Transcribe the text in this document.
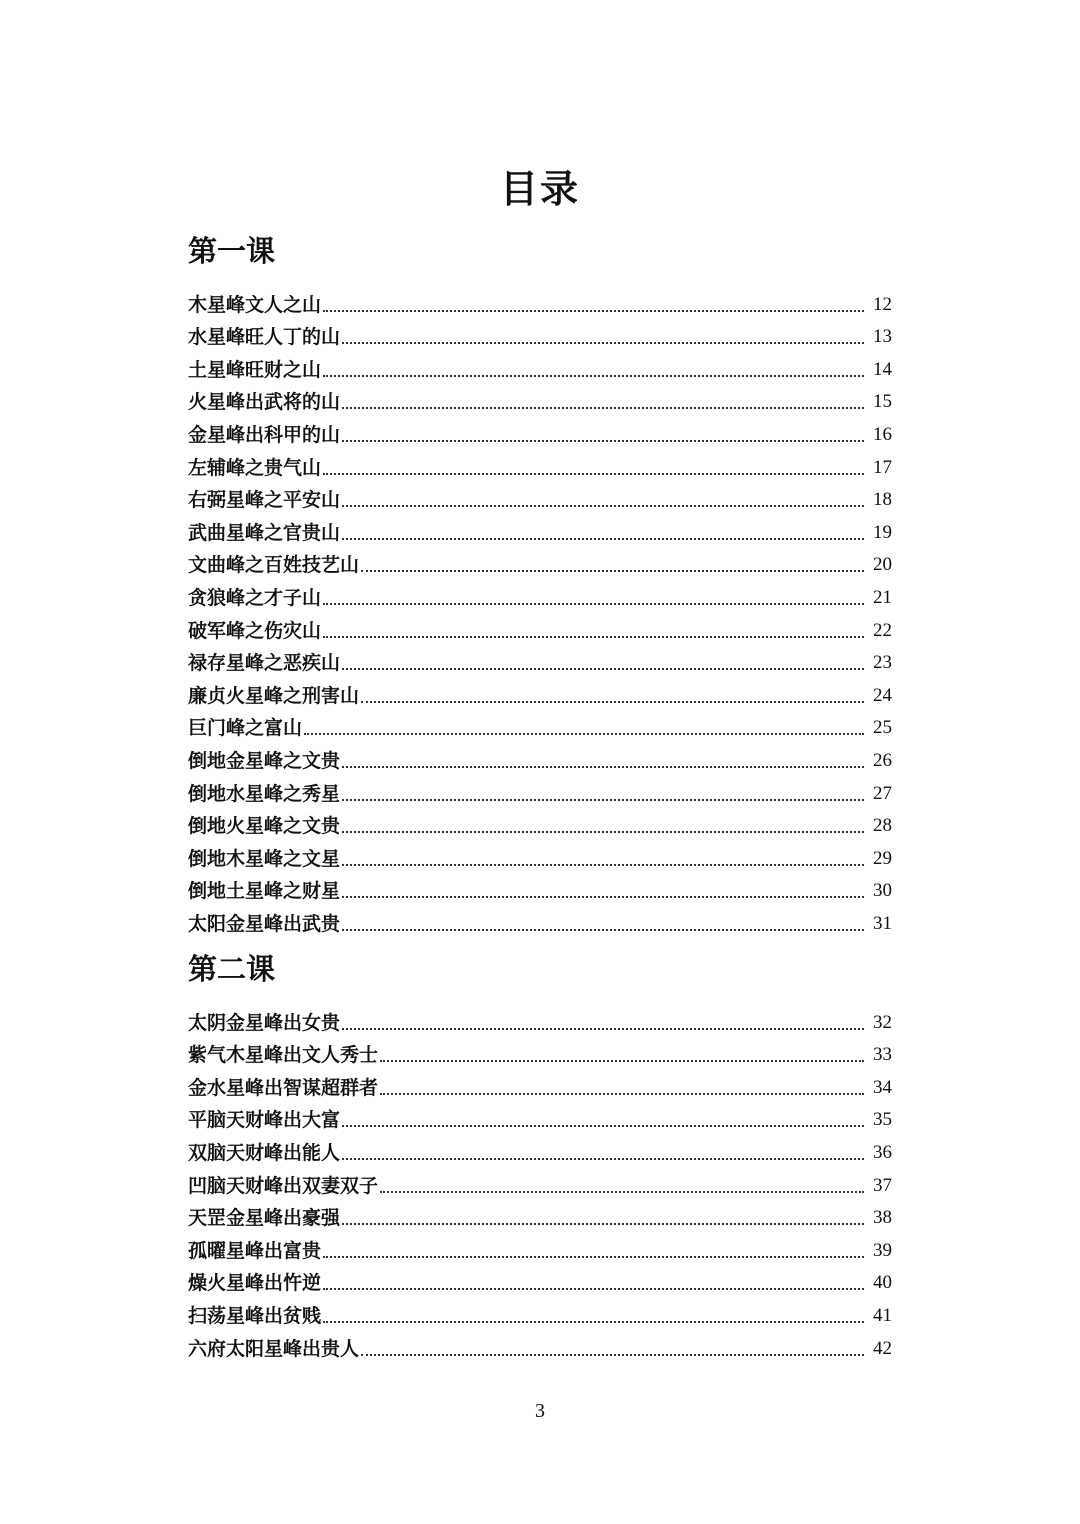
目录
第一课
木星峰文人之山	12
水星峰旺人丁的山	13
土星峰旺财之山	14
火星峰出武将的山	15
金星峰出科甲的山	16
左辅峰之贵气山	17
右弼星峰之平安山	18
武曲星峰之官贵山	19
文曲峰之百姓技艺山	20
贪狼峰之才子山	21
破军峰之伤灾山	22
禄存星峰之恶疾山	23
廉贞火星峰之刑害山	24
巨门峰之富山	25
倒地金星峰之文贵	26
倒地水星峰之秀星	27
倒地火星峰之文贵	28
倒地木星峰之文星	29
倒地土星峰之财星	30
太阳金星峰出武贵	31
第二课
太阴金星峰出女贵	32
紫气木星峰出文人秀士	33
金水星峰出智谋超群者	34
平脑天财峰出大富	35
双脑天财峰出能人	36
凹脑天财峰出双妻双子	37
天罡金星峰出豪强	38
孤曜星峰出富贵	39
燥火星峰出忤逆	40
扫荡星峰出贫贱	41
六府太阳星峰出贵人	42
3
